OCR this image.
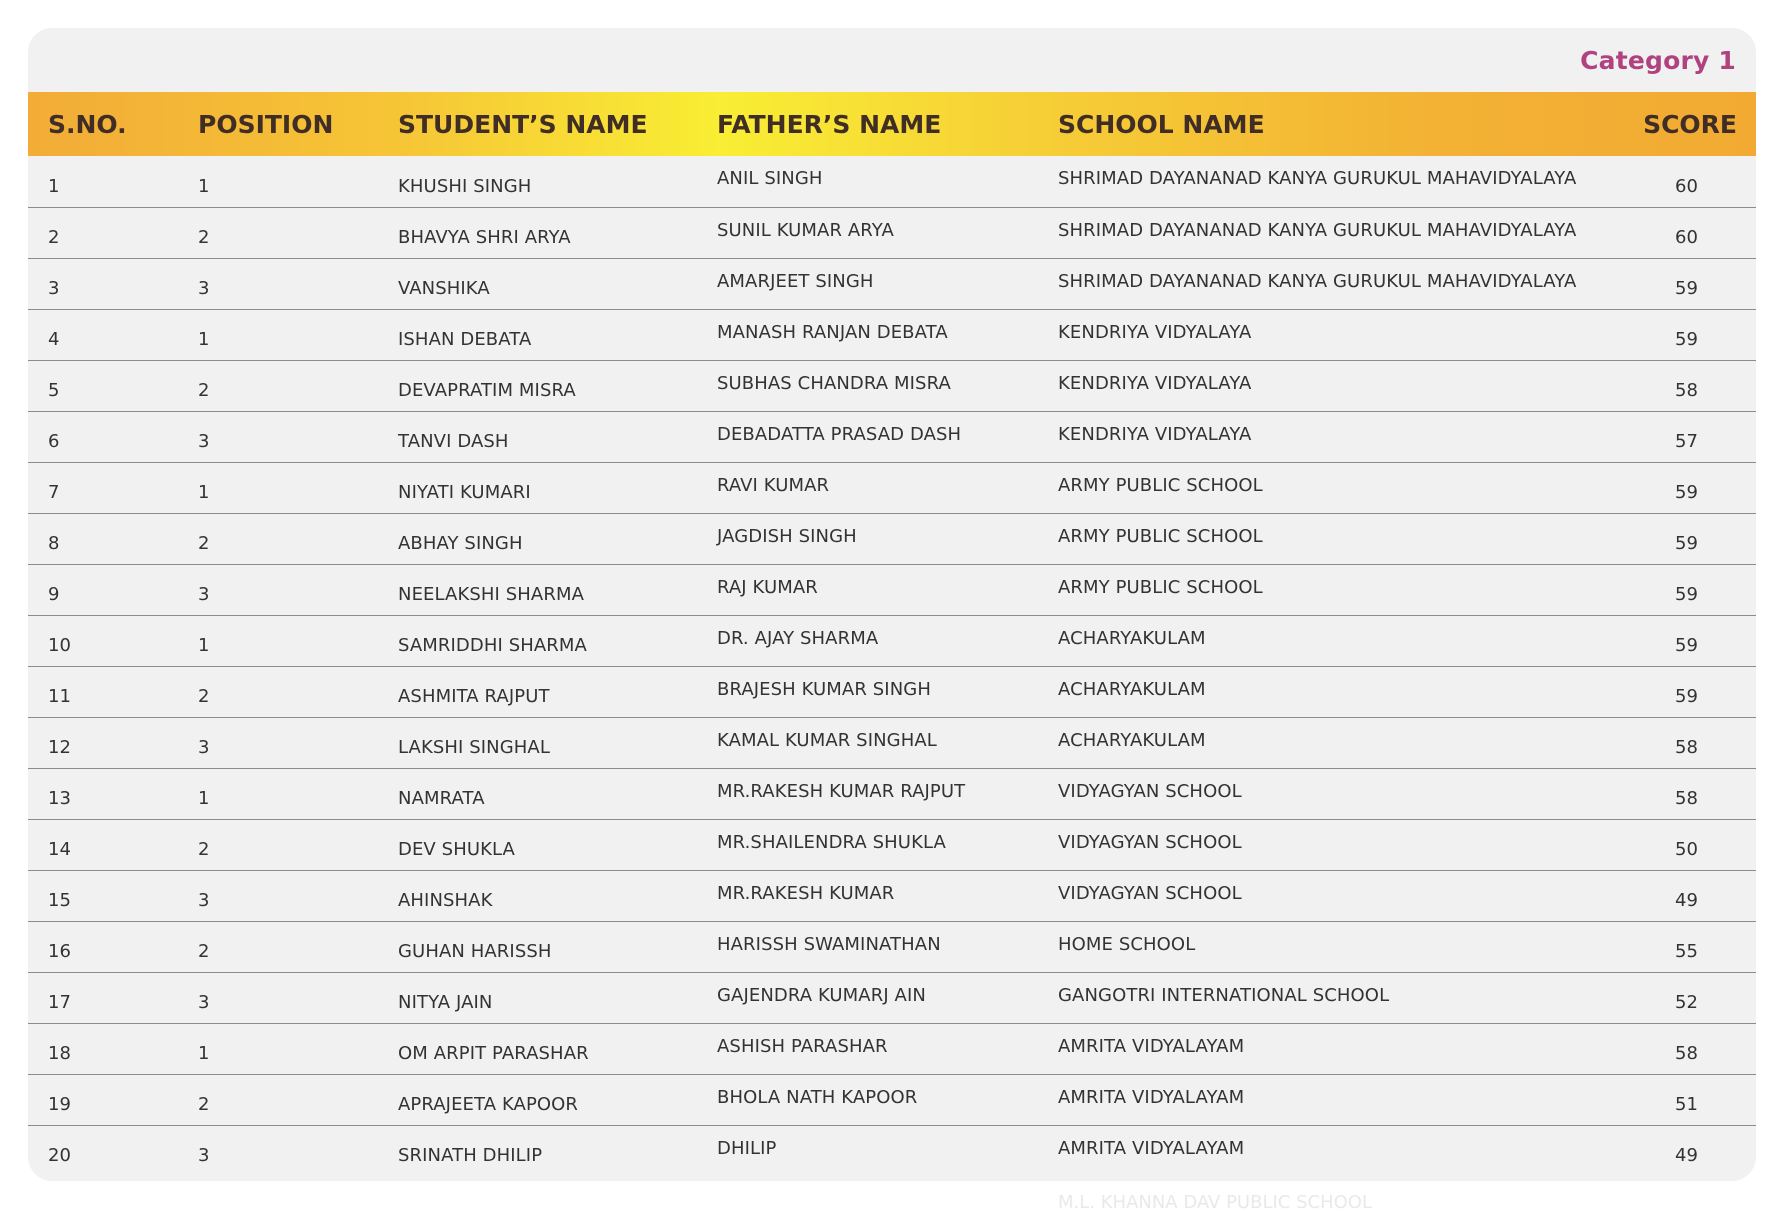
Category 1
S.NO.	POSITION	STUDENT’S NAME	FATHER’S NAME	SCHOOL NAME	SCORE
1	1	KHUSHI SINGH	ANIL SINGH	SHRIMAD DAYANANAD KANYA GURUKUL MAHAVIDYALAYA	60
2	2	BHAVYA SHRI ARYA	SUNIL KUMAR ARYA	SHRIMAD DAYANANAD KANYA GURUKUL MAHAVIDYALAYA	60
3	3	VANSHIKA	AMARJEET SINGH	SHRIMAD DAYANANAD KANYA GURUKUL MAHAVIDYALAYA	59
4	1	ISHAN DEBATA	MANASH RANJAN DEBATA	KENDRIYA VIDYALAYA	59
5	2	DEVAPRATIM MISRA	SUBHAS CHANDRA MISRA	KENDRIYA VIDYALAYA	58
6	3	TANVI DASH	DEBADATTA PRASAD DASH	KENDRIYA VIDYALAYA	57
7	1	NIYATI KUMARI	RAVI KUMAR	ARMY PUBLIC SCHOOL	59
8	2	ABHAY SINGH	JAGDISH SINGH	ARMY PUBLIC SCHOOL	59
9	3	NEELAKSHI SHARMA	RAJ KUMAR	ARMY PUBLIC SCHOOL	59
10	1	SAMRIDDHI SHARMA	DR. AJAY SHARMA	ACHARYAKULAM	59
11	2	ASHMITA RAJPUT	BRAJESH KUMAR SINGH	ACHARYAKULAM	59
12	3	LAKSHI SINGHAL	KAMAL KUMAR SINGHAL	ACHARYAKULAM	58
13	1	NAMRATA	MR.RAKESH KUMAR RAJPUT	VIDYAGYAN SCHOOL	58
14	2	DEV SHUKLA	MR.SHAILENDRA SHUKLA	VIDYAGYAN SCHOOL	50
15	3	AHINSHAK	MR.RAKESH KUMAR	VIDYAGYAN SCHOOL	49
16	2	GUHAN HARISSH	HARISSH SWAMINATHAN	HOME SCHOOL	55
17	3	NITYA JAIN	GAJENDRA KUMARJ AIN	GANGOTRI INTERNATIONAL SCHOOL	52
18	1	OM ARPIT PARASHAR	ASHISH PARASHAR	AMRITA VIDYALAYAM	58
19	2	APRAJEETA KAPOOR	BHOLA NATH KAPOOR	AMRITA VIDYALAYAM	51
20	3	SRINATH DHILIP	DHILIP	AMRITA VIDYALAYAM	49
M.L. KHANNA DAV PUBLIC SCHOOL
